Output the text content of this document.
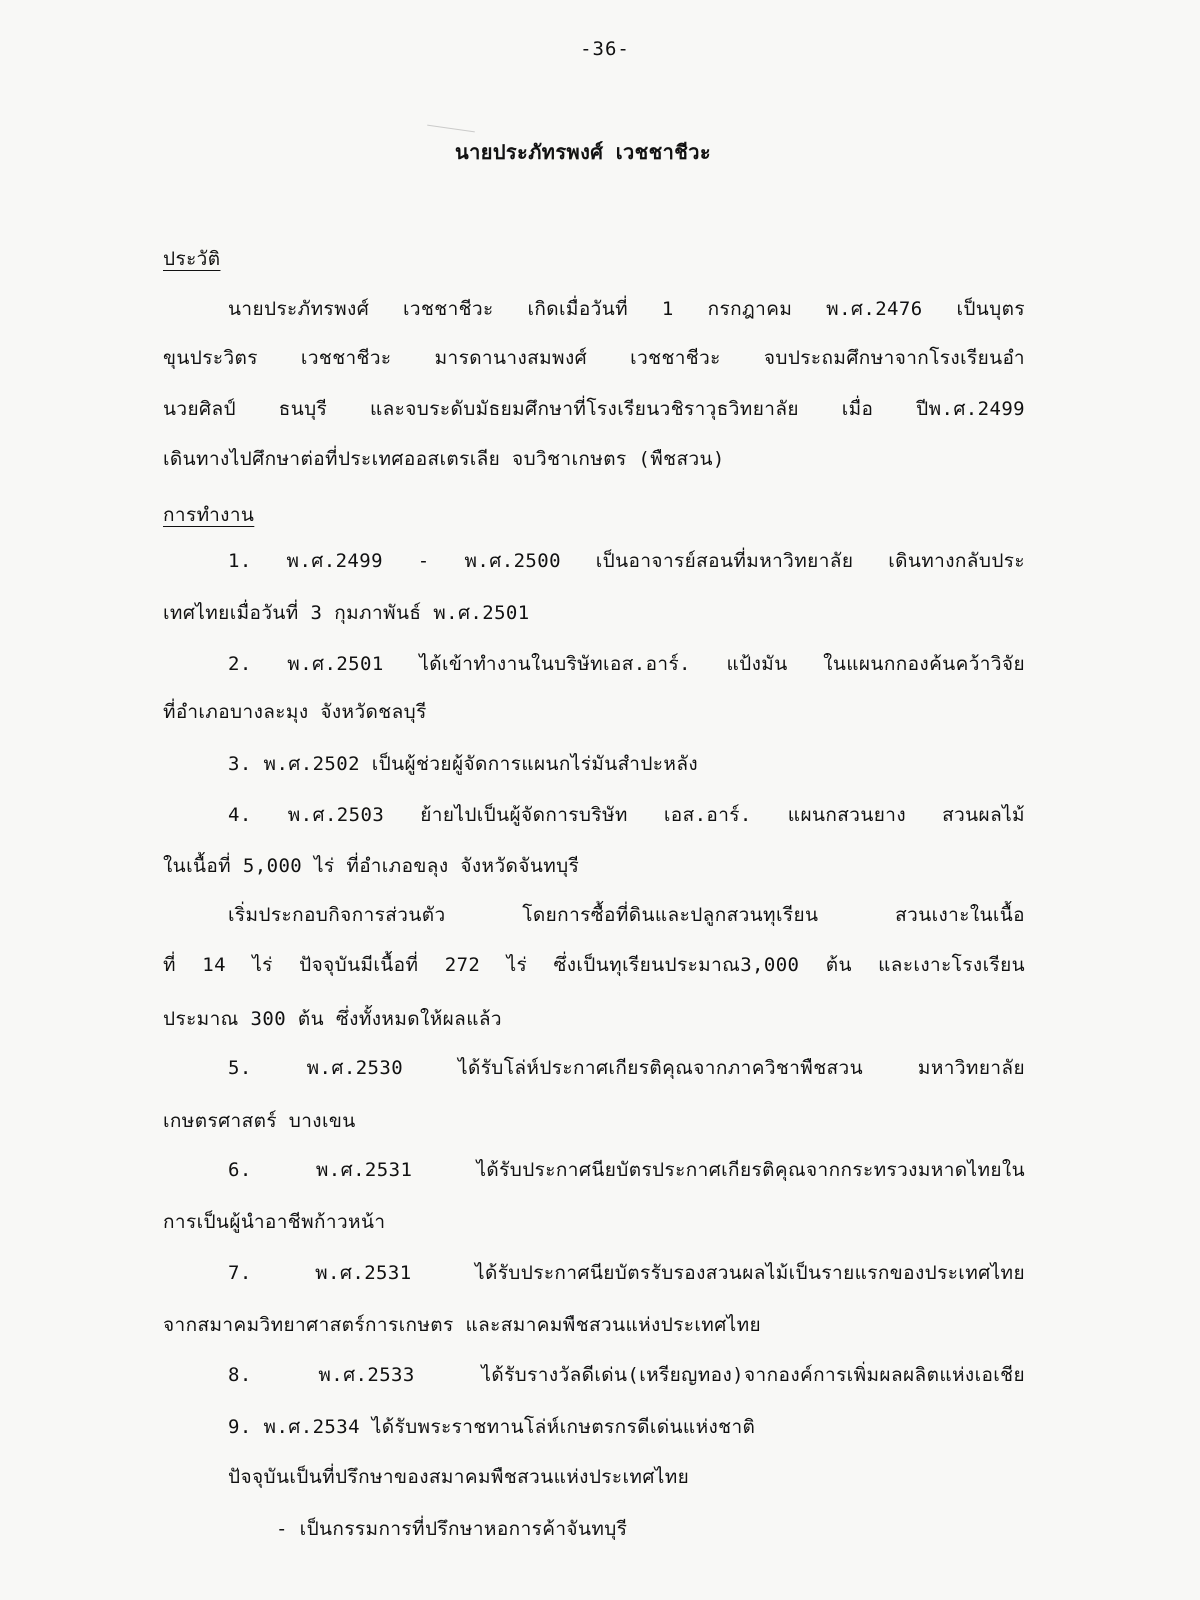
-36-

นายประภัทรพงศ์ เวชชาชีวะ

ประวัติ

นายประภัทรพงศ์ เวชชาชีวะ เกิดเมื่อวันที่ 1 กรกฎาคม พ.ศ.2476 เป็นบุตร

ขุนประวิตร เวชชาชีวะ มารดานางสมพงศ์ เวชชาชีวะ จบประถมศึกษาจากโรงเรียนอำ

นวยศิลป์ ธนบุรี และจบระดับมัธยมศึกษาที่โรงเรียนวชิราวุธวิทยาลัย เมื่อ ปีพ.ศ.2499

เดินทางไปศึกษาต่อที่ประเทศออสเตรเลีย จบวิชาเกษตร (พืชสวน)

การทำงาน

1. พ.ศ.2499 - พ.ศ.2500 เป็นอาจารย์สอนที่มหาวิทยาลัย เดินทางกลับประ

เทศไทยเมื่อวันที่ 3 กุมภาพันธ์ พ.ศ.2501

2. พ.ศ.2501 ได้เข้าทำงานในบริษัทเอส.อาร์. แป้งมัน ในแผนกกองค้นคว้าวิจัย

ที่อำเภอบางละมุง จังหวัดชลบุรี

3. พ.ศ.2502 เป็นผู้ช่วยผู้จัดการแผนกไร่มันสำปะหลัง

4. พ.ศ.2503 ย้ายไปเป็นผู้จัดการบริษัท เอส.อาร์. แผนกสวนยาง สวนผลไม้

ในเนื้อที่ 5,000 ไร่ ที่อำเภอขลุง จังหวัดจันทบุรี

เริ่มประกอบกิจการส่วนตัว โดยการซื้อที่ดินและปลูกสวนทุเรียน สวนเงาะในเนื้อ

ที่ 14 ไร่ ปัจจุบันมีเนื้อที่ 272 ไร่ ซึ่งเป็นทุเรียนประมาณ3,000 ต้น และเงาะโรงเรียน

ประมาณ 300 ต้น ซึ่งทั้งหมดให้ผลแล้ว

5. พ.ศ.2530 ได้รับโล่ห์ประกาศเกียรติคุณจากภาควิชาพืชสวน มหาวิทยาลัย

เกษตรศาสตร์ บางเขน

6. พ.ศ.2531 ได้รับประกาศนียบัตรประกาศเกียรติคุณจากกระทรวงมหาดไทยใน

การเป็นผู้นำอาชีพก้าวหน้า

7. พ.ศ.2531 ได้รับประกาศนียบัตรรับรองสวนผลไม้เป็นรายแรกของประเทศไทย

จากสมาคมวิทยาศาสตร์การเกษตร และสมาคมพืชสวนแห่งประเทศไทย

8. พ.ศ.2533 ได้รับรางวัลดีเด่น(เหรียญทอง)จากองค์การเพิ่มผลผลิตแห่งเอเชีย

9. พ.ศ.2534 ได้รับพระราชทานโล่ห์เกษตรกรดีเด่นแห่งชาติ

ปัจจุบันเป็นที่ปรึกษาของสมาคมพืชสวนแห่งประเทศไทย

- เป็นกรรมการที่ปรึกษาหอการค้าจันทบุรี
